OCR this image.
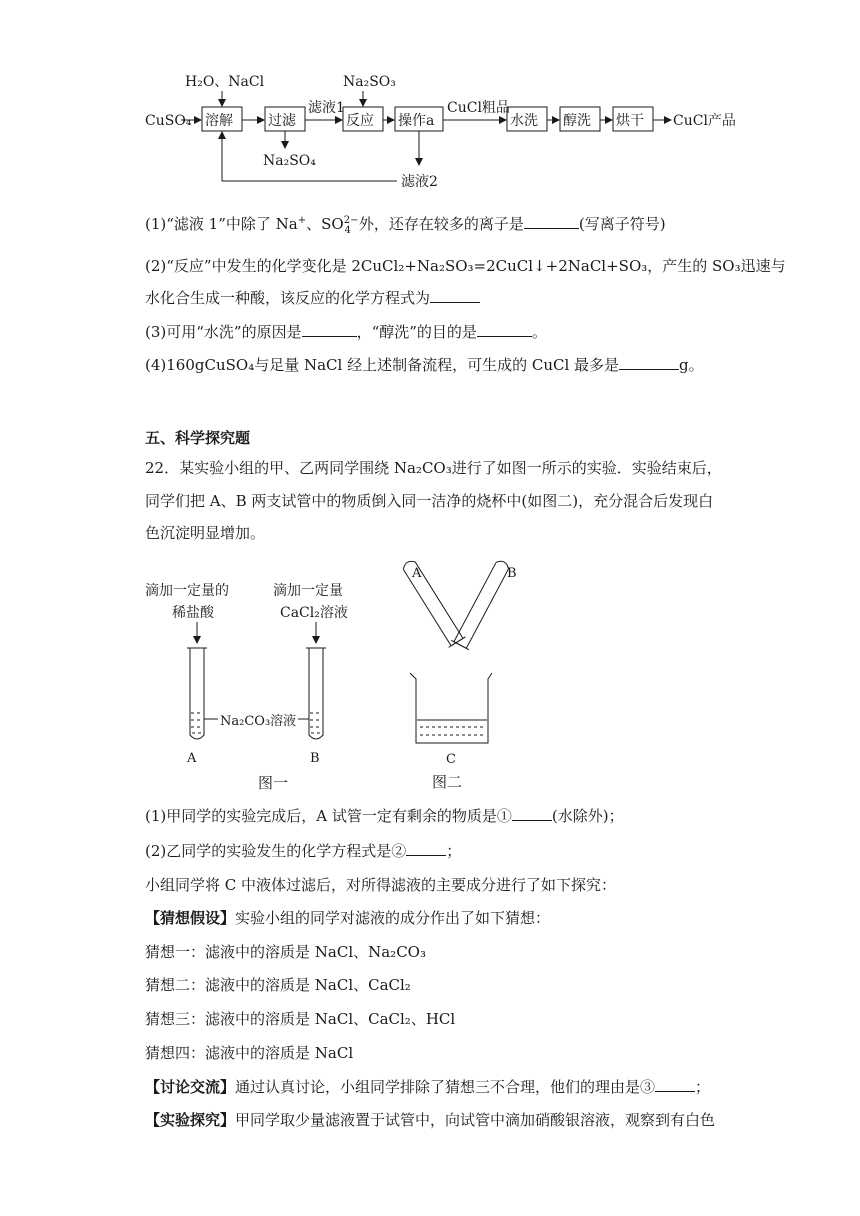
CuSO₄
H₂O、NaCl	Na₂SO₃
滤液1	CuCl粗品
CuCl产品
Na₂SO₄
滤液2
溶解	过滤	反应 操作a	水洗 醇洗 烘干
(1)“滤液 1”中除了 Na+、$SO^{2-}_4$ 外，还存在较多的离子是	(写离子符号)
(2)“反应”中发生的化学变化是 2CuCl₂+Na₂SO₃=2CuCl↓+2NaCl+SO₃，产生的 SO₃迅速与
水化合生成一种酸，该反应的化学方程式为
(3)可用“水洗”的原因是	，“醇洗”的目的是	。
(4)160gCuSO₄与足量 NaCl 经上述制备流程，可生成的 CuCl 最多是	g。
五、科学探究题
22．某实验小组的甲、乙两同学围绕 Na₂CO₃进行了如图一所示的实验．实验结束后，
同学们把 A、B 两支试管中的物质倒入同一洁净的烧杯中(如图二)，充分混合后发现白
色沉淀明显增加。
滴加一定量的
稀盐酸
滴加一定量
CaCl₂溶液
Na₂CO₃溶液
A	B
A	B
C
图一	图二
(1)甲同学的实验完成后，A 试管一定有剩余的物质是①	(水除外)；
(2)乙同学的实验发生的化学方程式是②	；
小组同学将 C 中液体过滤后，对所得滤液的主要成分进行了如下探究：
【猜想假设】实验小组的同学对滤液的成分作出了如下猜想：
猜想一：滤液中的溶质是 NaCl、Na₂CO₃
猜想二：滤液中的溶质是 NaCl、CaCl₂
猜想三：滤液中的溶质是 NaCl、CaCl₂、HCl
猜想四：滤液中的溶质是 NaCl
【讨论交流】通过认真讨论，小组同学排除了猜想三不合理，他们的理由是③	；
【实验探究】甲同学取少量滤液置于试管中，向试管中滴加硝酸银溶液，观察到有白色
